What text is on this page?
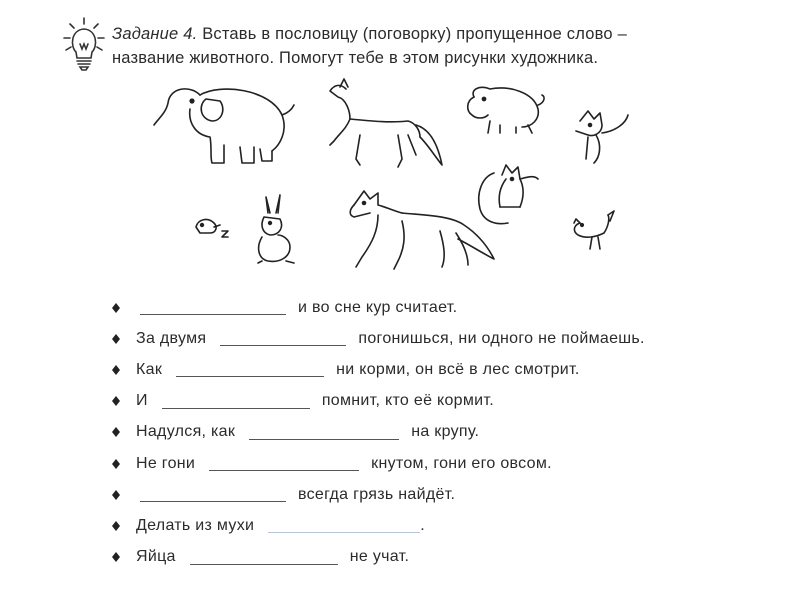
Задание 4. Вставь в пословицу (поговорку) пропущенное слово –
название животного. Помогут тебе в этом рисунки художника.
и во сне кур считает.
За двумя	погонишься, ни одного не поймаешь.
Как	ни корми, он всё в лес смотрит.
И	помнит, кто её кормит.
Надулся, как	на крупу.
Не гони	кнутом, гони его овсом.
всегда грязь найдёт.
Делать из мухи	.
Яйца	не учат.
